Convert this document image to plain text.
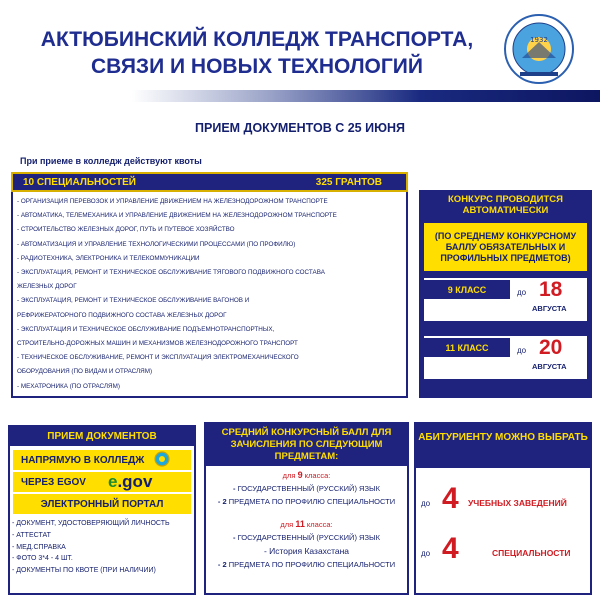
АКТЮБИНСКИЙ КОЛЛЕДЖ ТРАНСПОРТА,
СВЯЗИ И НОВЫХ ТЕХНОЛОГИЙ
1932
ПРИЕМ ДОКУМЕНТОВ С 25 ИЮНЯ
При приеме в колледж действуют квоты
10 СПЕЦИАЛЬНОСТЕЙ	325 ГРАНТОВ
- ОРГАНИЗАЦИЯ ПЕРЕВОЗОК И УПРАВЛЕНИЕ ДВИЖЕНИЕМ НА ЖЕЛЕЗНОДОРОЖНОМ ТРАНСПОРТЕ
- АВТОМАТИКА, ТЕЛЕМЕХАНИКА И УПРАВЛЕНИЕ ДВИЖЕНИЕМ НА ЖЕЛЕЗНОДОРОЖНОМ ТРАНСПОРТЕ
- СТРОИТЕЛЬСТВО ЖЕЛЕЗНЫХ ДОРОГ, ПУТЬ И ПУТЕВОЕ ХОЗЯЙСТВО
- АВТОМАТИЗАЦИЯ И УПРАВЛЕНИЕ ТЕХНОЛОГИЧЕСКИМИ ПРОЦЕССАМИ (ПО ПРОФИЛЮ)
- РАДИОТЕХНИКА, ЭЛЕКТРОНИКА И ТЕЛЕКОММУНИКАЦИИ
- ЭКСПЛУАТАЦИЯ, РЕМОНТ И ТЕХНИЧЕСКОЕ ОБСЛУЖИВАНИЕ ТЯГОВОГО ПОДВИЖНОГО СОСТАВА
ЖЕЛЕЗНЫХ ДОРОГ
- ЭКСПЛУАТАЦИЯ, РЕМОНТ И ТЕХНИЧЕСКОЕ ОБСЛУЖИВАНИЕ ВАГОНОВ И
РЕФРИЖЕРАТОРНОГО ПОДВИЖНОГО СОСТАВА ЖЕЛЕЗНЫХ ДОРОГ
- ЭКСПЛУАТАЦИЯ И ТЕХНИЧЕСКОЕ ОБСЛУЖИВАНИЕ ПОДЪЕМНОТРАНСПОРТНЫХ,
СТРОИТЕЛЬНО-ДОРОЖНЫХ МАШИН И МЕХАНИЗМОВ ЖЕЛЕЗНОДОРОЖНОГО ТРАНСПОРТ
- ТЕХНИЧЕСКОЕ ОБСЛУЖИВАНИЕ, РЕМОНТ И ЭКСПЛУАТАЦИЯ ЭЛЕКТРОМЕХАНИЧЕСКОГО
ОБОРУДОВАНИЯ (ПО ВИДАМ И ОТРАСЛЯМ)
- МЕХАТРОНИКА (ПО ОТРАСЛЯМ)
КОНКУРС ПРОВОДИТСЯ
АВТОМАТИЧЕСКИ
(ПО СРЕДНЕМУ КОНКУРСНОМУ БАЛЛУ ОБЯЗАТЕЛЬНЫХ И ПРОФИЛЬНЫХ ПРЕДМЕТОВ)
9 КЛАСС	до 18
АВГУСТА
11 КЛАСС	до 20
АВГУСТА
ПРИЕМ ДОКУМЕНТОВ
НАПРЯМУЮ В КОЛЛЕДЖ
ЧЕРЕЗ EGOV e.gov
ЭЛЕКТРОННЫЙ ПОРТАЛ
- ДОКУМЕНТ, УДОСТОВЕРЯЮЩИЙ ЛИЧНОСТЬ
- АТТЕСТАТ
- МЕД.СПРАВКА
- ФОТО 3*4 - 4 ШТ.
- ДОКУМЕНТЫ ПО КВОТЕ (ПРИ НАЛИЧИИ)
СРЕДНИЙ КОНКУРСНЫЙ БАЛЛ ДЛЯ ЗАЧИСЛЕНИЯ ПО СЛЕДУЮЩИМ ПРЕДМЕТАМ:
для 9 класса:
- ГОСУДАРСТВЕННЫЙ (РУССКИЙ) ЯЗЫК
- 2 ПРЕДМЕТА ПО ПРОФИЛЮ СПЕЦИАЛЬНОСТИ
для 11 класса:
- ГОСУДАРСТВЕННЫЙ (РУССКИЙ) ЯЗЫК
- История Казахстана
- 2 ПРЕДМЕТА ПО ПРОФИЛЮ СПЕЦИАЛЬНОСТИ
АБИТУРИЕНТУ МОЖНО ВЫБРАТЬ
до 4 УЧЕБНЫХ ЗАВЕДЕНИЙ
до 4	СПЕЦИАЛЬНОСТИ
